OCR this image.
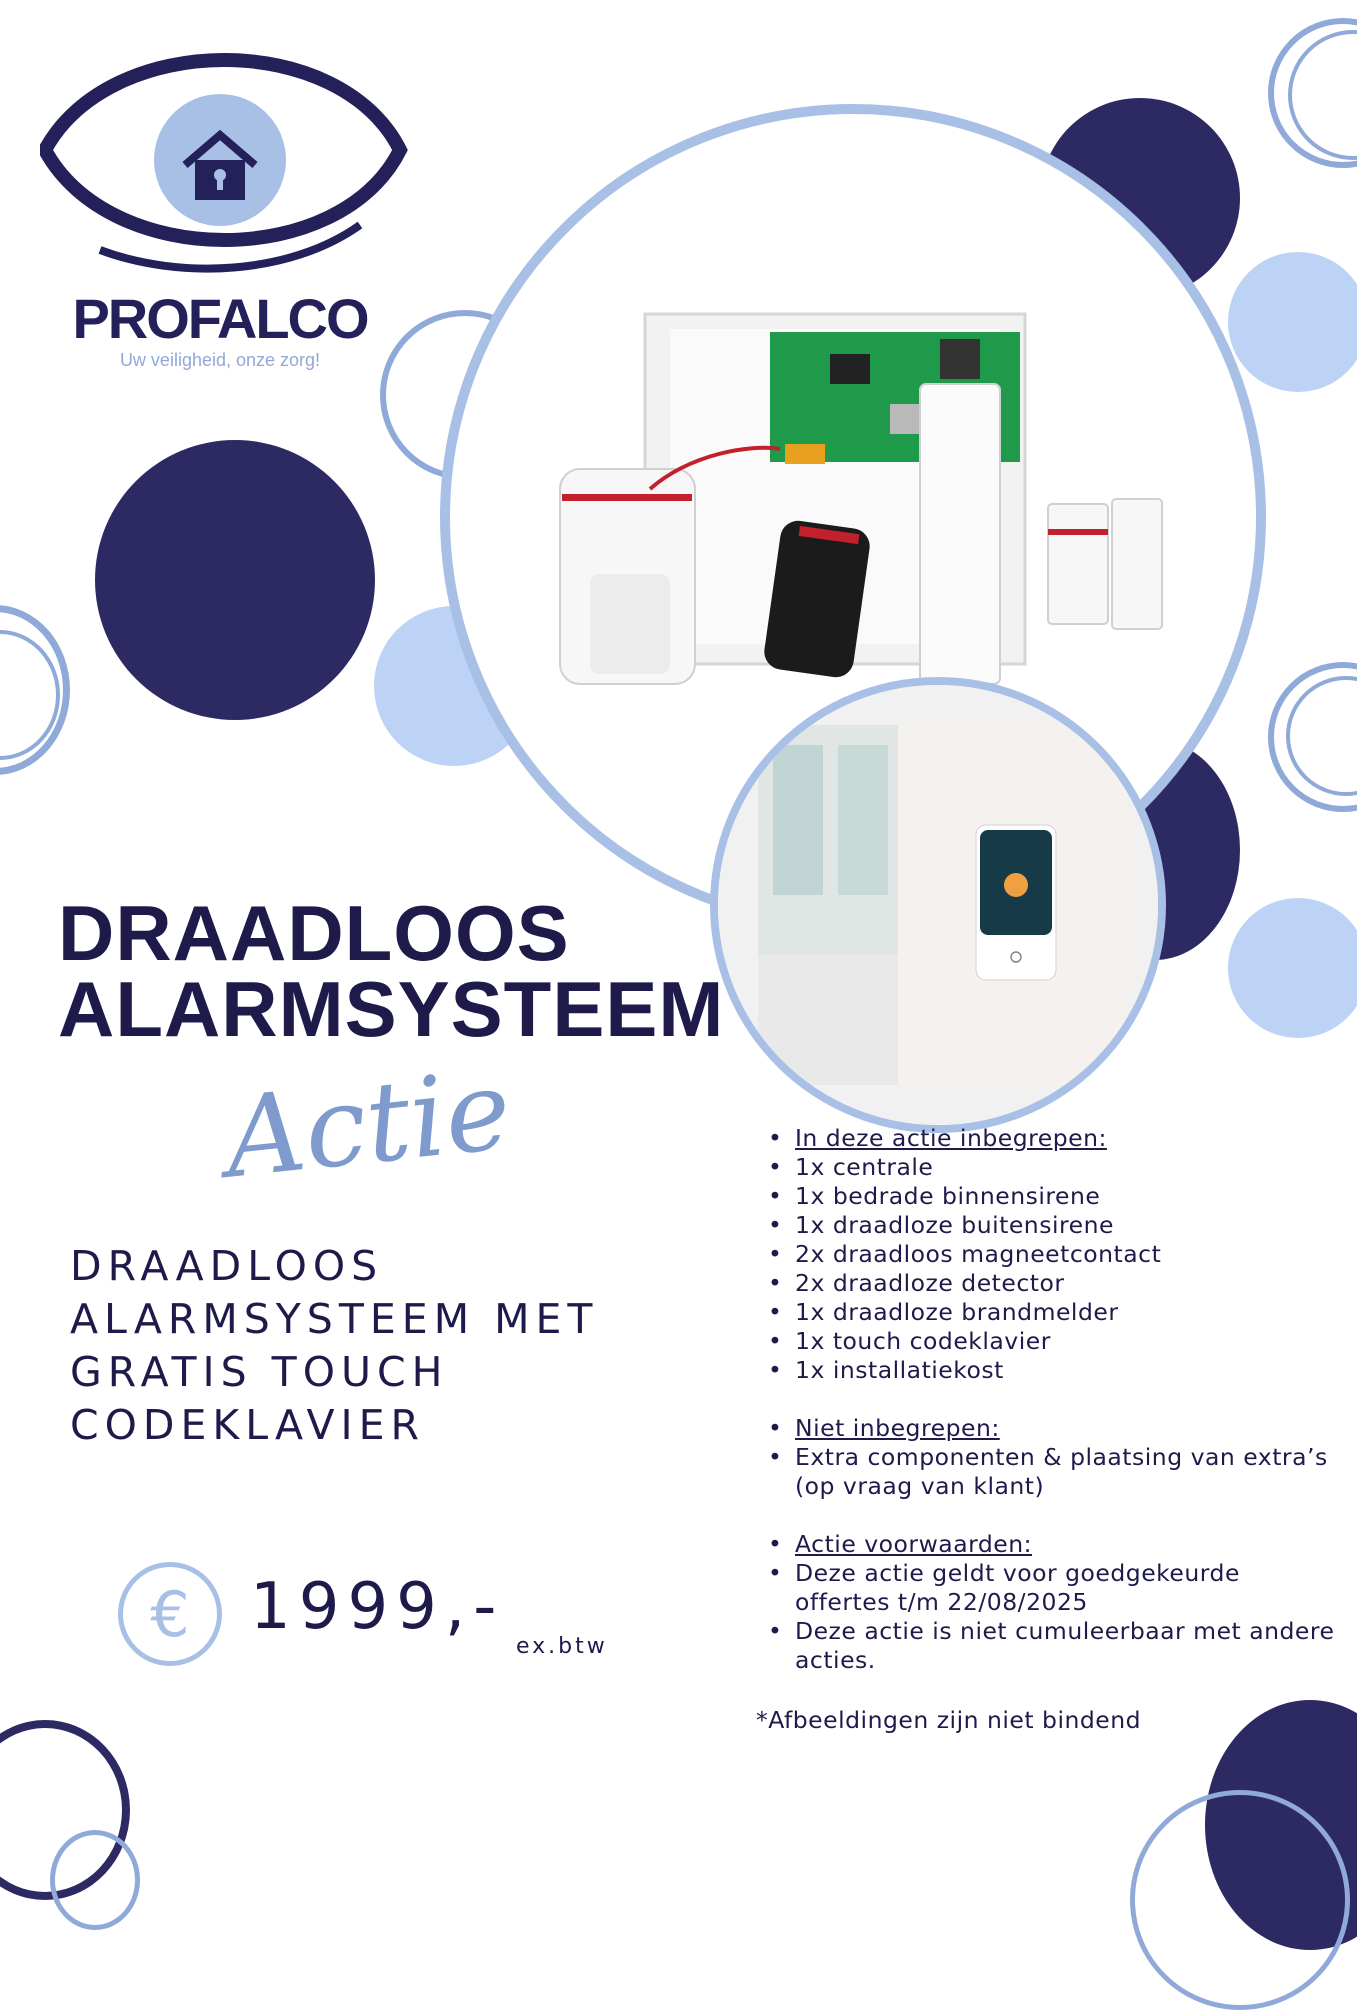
PROFALCO
Uw veiligheid, onze zorg!
DRAADLOOS
ALARMSYSTEEM
Actie
DRAADLOOS
ALARMSYSTEEM MET
GRATIS TOUCH
CODEKLAVIER
€ 1999,-
ex.btw
• In deze actie inbegrepen:
• 1x centrale
• 1x bedrade binnensirene
• 1x draadloze buitensirene
• 2x draadloos magneetcontact
• 2x draadloze detector
• 1x draadloze brandmelder
• 1x touch codeklavier
• 1x installatiekost
• Niet inbegrepen:
• Extra componenten & plaatsing van extra’s (op vraag van klant)
• Actie voorwaarden:
• Deze actie geldt voor goedgekeurde offertes t/m 22/08/2025
• Deze actie is niet cumuleerbaar met andere acties.
*Afbeeldingen zijn niet bindend
